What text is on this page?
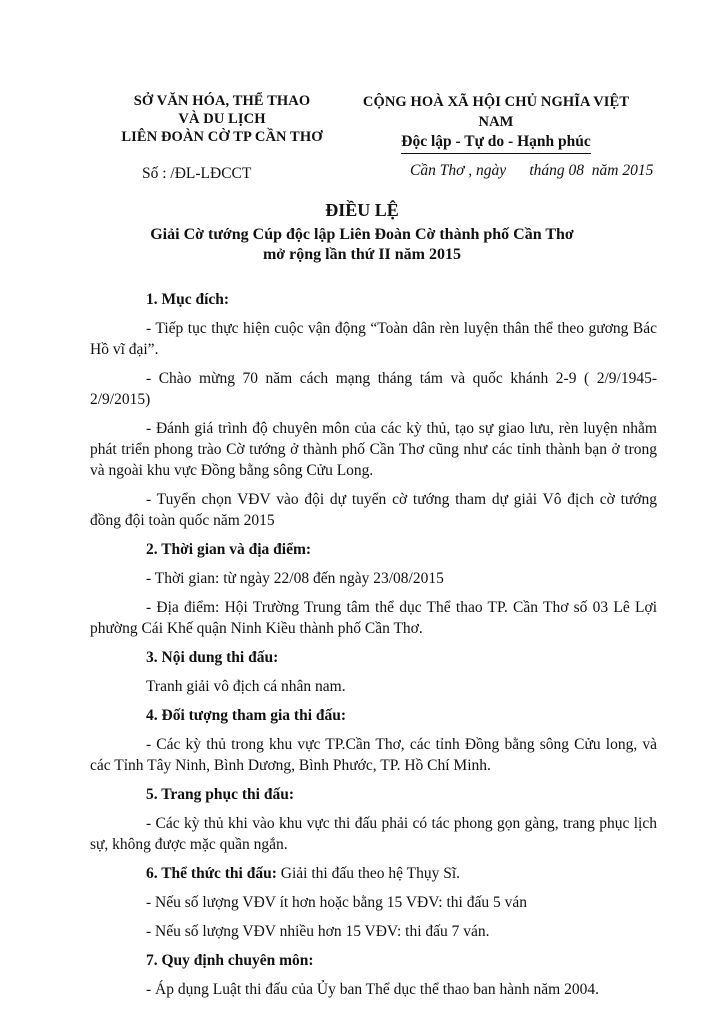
SỞ VĂN HÓA, THỂ THAO
VÀ DU LỊCH
LIÊN ĐOÀN CỜ TP CẦN THƠ
CỘNG HOÀ XÃ HỘI CHỦ NGHĨA VIỆT NAM
Độc lập - Tự do - Hạnh phúc
Số : /ĐL-LĐCCT	Cần Thơ , ngày      tháng 08  năm 2015
ĐIỀU LỆ
Giải Cờ tướng Cúp độc lập Liên Đoàn Cờ thành phố Cần Thơ
mở rộng lần thứ II năm 2015

1. Mục đích:

- Tiếp tục thực hiện cuộc vận động “Toàn dân rèn luyện thân thể theo gương Bác Hồ vĩ đại”.

- Chào mừng 70 năm cách mạng tháng tám và quốc khánh 2-9 ( 2/9/1945-2/9/2015)

- Đánh giá trình độ chuyên môn của các kỳ thủ, tạo sự giao lưu, rèn luyện nhằm phát triển phong trào Cờ tướng ở thành phố Cần Thơ cũng như các tỉnh thành bạn ở trong và ngoài khu vực Đồng bằng sông Cửu Long.

- Tuyển chọn VĐV vào đội dự tuyển cờ tướng tham dự giải Vô địch cờ tướng đồng đội toàn quốc năm 2015

2. Thời gian và địa điểm:

- Thời gian: từ ngày 22/08 đến ngày 23/08/2015

- Địa điểm: Hội Trường Trung tâm thể dục Thể thao TP. Cần Thơ số 03 Lê Lợi phường Cái Khế quận Ninh Kiều thành phố Cần Thơ.

3. Nội dung thi đấu:

Tranh giải vô địch cá nhân nam.

4. Đối tượng tham gia thi đấu:

- Các kỳ thủ trong khu vực TP.Cần Thơ, các tỉnh Đồng bằng sông Cửu long, và các Tỉnh Tây Ninh, Bình Dương, Bình Phước, TP. Hồ Chí Minh.

5. Trang phục thi đấu:

- Các kỳ thủ khi vào khu vực thi đấu phải có tác phong gọn gàng, trang phục lịch sự, không được mặc quần ngắn.

6. Thể thức thi đấu: Giải thi đấu theo hệ Thụy Sĩ.

- Nếu số lượng VĐV ít hơn hoặc bằng 15 VĐV: thi đấu 5 ván

- Nếu số lượng VĐV nhiều hơn 15 VĐV: thi đấu 7 ván.

7. Quy định chuyên môn:

- Áp dụng Luật thi đấu của Ủy ban Thể dục thể thao ban hành năm 2004.
